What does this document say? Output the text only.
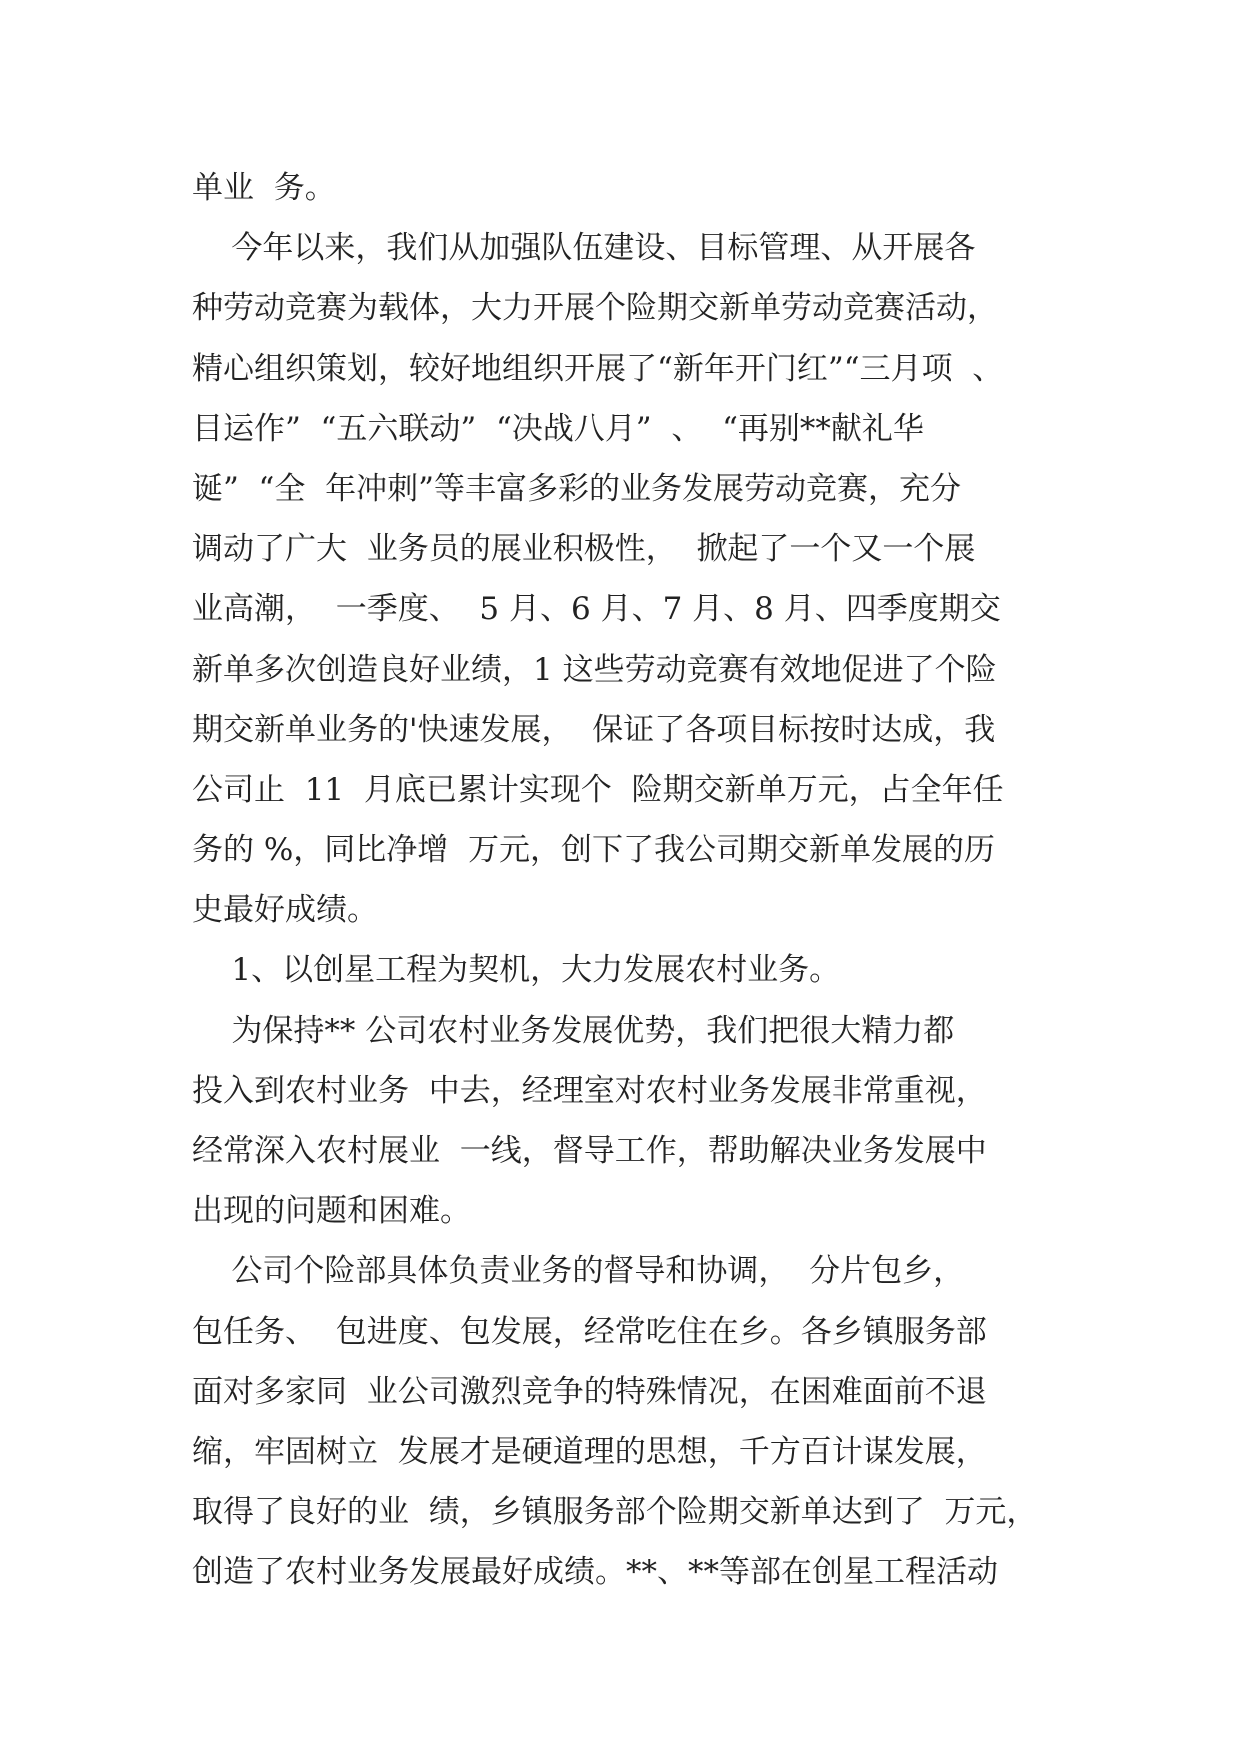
单业  务。
今年以来，我们从加强队伍建设、目标管理、从开展各
种劳动竞赛为载体，大力开展个险期交新单劳动竞赛活动，
精心组织策划，较好地组织开展了“新年开门红”“三月项  、
目运作”  “五六联动”  “决战八月”  、  “再别**献礼华
诞”  “全  年冲刺”等丰富多彩的业务发展劳动竞赛，充分
调动了广大  业务员的展业积极性，  掀起了一个又一个展
业高潮，  一季度、  5 月、6 月、7 月、8 月、四季度期交
新单多次创造良好业绩，1 这些劳动竞赛有效地促进了个险
期交新单业务的'快速发展，  保证了各项目标按时达成，我
公司止  11  月底已累计实现个  险期交新单万元，占全年任
务的 %，同比净增  万元，创下了我公司期交新单发展的历
史最好成绩。
1、以创星工程为契机，大力发展农村业务。
为保持** 公司农村业务发展优势，我们把很大精力都
投入到农村业务  中去，经理室对农村业务发展非常重视，
经常深入农村展业  一线，督导工作，帮助解决业务发展中
出现的问题和困难。
公司个险部具体负责业务的督导和协调，  分片包乡，
包任务、  包进度、包发展，经常吃住在乡。各乡镇服务部
面对多家同  业公司激烈竞争的特殊情况，在困难面前不退
缩，牢固树立  发展才是硬道理的思想，千方百计谋发展，
取得了良好的业  绩，乡镇服务部个险期交新单达到了  万元，
创造了农村业务发展最好成绩。**、**等部在创星工程活动
